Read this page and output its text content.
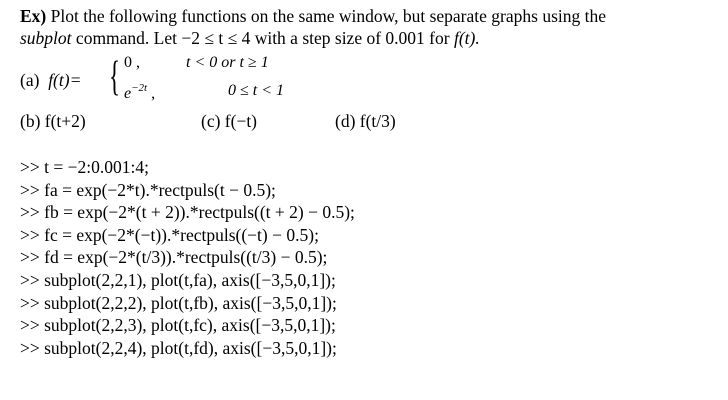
Ex) Plot the following functions on the same window, but separate graphs using the
subplot command. Let −2 ≤ t ≤ 4 with a step size of 0.001 for f(t).
(a) f(t)= { 0 ,	t < 0 or t ≥ 1
$e^{-2t}$ ,	0 ≤ t < 1
(b) f(t+2)	(c) f(−t)	(d) f(t/3)
>> t = −2:0.001:4;
>> fa = exp(−2*t).*rectpuls(t − 0.5);
>> fb = exp(−2*(t + 2)).*rectpuls((t + 2) − 0.5);
>> fc = exp(−2*(−t)).*rectpuls((−t) − 0.5);
>> fd = exp(−2*(t/3)).*rectpuls((t/3) − 0.5);
>> subplot(2,2,1), plot(t,fa), axis([−3,5,0,1]);
>> subplot(2,2,2), plot(t,fb), axis([−3,5,0,1]);
>> subplot(2,2,3), plot(t,fc), axis([−3,5,0,1]);
>> subplot(2,2,4), plot(t,fd), axis([−3,5,0,1]);
